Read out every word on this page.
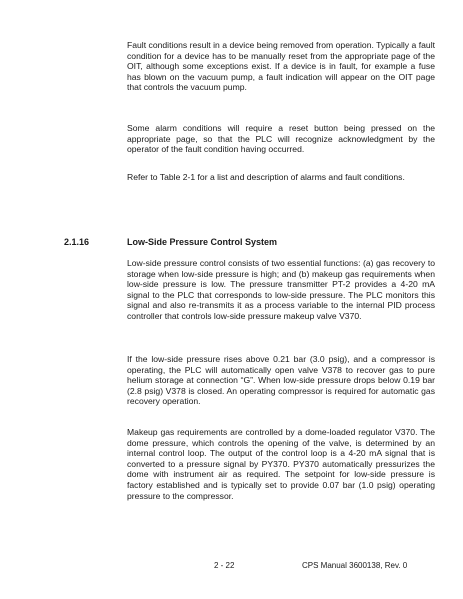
Fault conditions result in a device being removed from operation. Typically a fault condition for a device has to be manually reset from the appropriate page of the OIT, although some exceptions exist. If a device is in fault, for example a fuse has blown on the vacuum pump, a fault indication will appear on the OIT page that controls the vacuum pump.

Some alarm conditions will require a reset button being pressed on the appropriate page, so that the PLC will recognize acknowledgment by the operator of the fault condition having occurred.

Refer to Table 2-1 for a list and description of alarms and fault conditions.

2.1.16	Low-Side Pressure Control System

Low-side pressure control consists of two essential functions: (a) gas recovery to storage when low-side pressure is high; and (b) makeup gas requirements when low-side pressure is low. The pressure transmitter PT-2 provides a 4-20 mA signal to the PLC that corresponds to low-side pressure. The PLC monitors this signal and also re-transmits it as a process variable to the internal PID process controller that controls low-side pressure makeup valve V370.

If the low-side pressure rises above 0.21 bar (3.0 psig), and a compressor is operating, the PLC will automatically open valve V378 to recover gas to pure helium storage at connection “G”. When low-side pressure drops below 0.19 bar (2.8 psig) V378 is closed. An operating compressor is required for automatic gas recovery operation.

Makeup gas requirements are controlled by a dome-loaded regulator V370. The dome pressure, which controls the opening of the valve, is determined by an internal control loop. The output of the control loop is a 4-20 mA signal that is converted to a pressure signal by PY370. PY370 automatically pressurizes the dome with instrument air as required. The setpoint for low-side pressure is factory established and is typically set to provide 0.07 bar (1.0 psig) operating pressure to the compressor.

2 - 22	CPS Manual 3600138, Rev. 0
